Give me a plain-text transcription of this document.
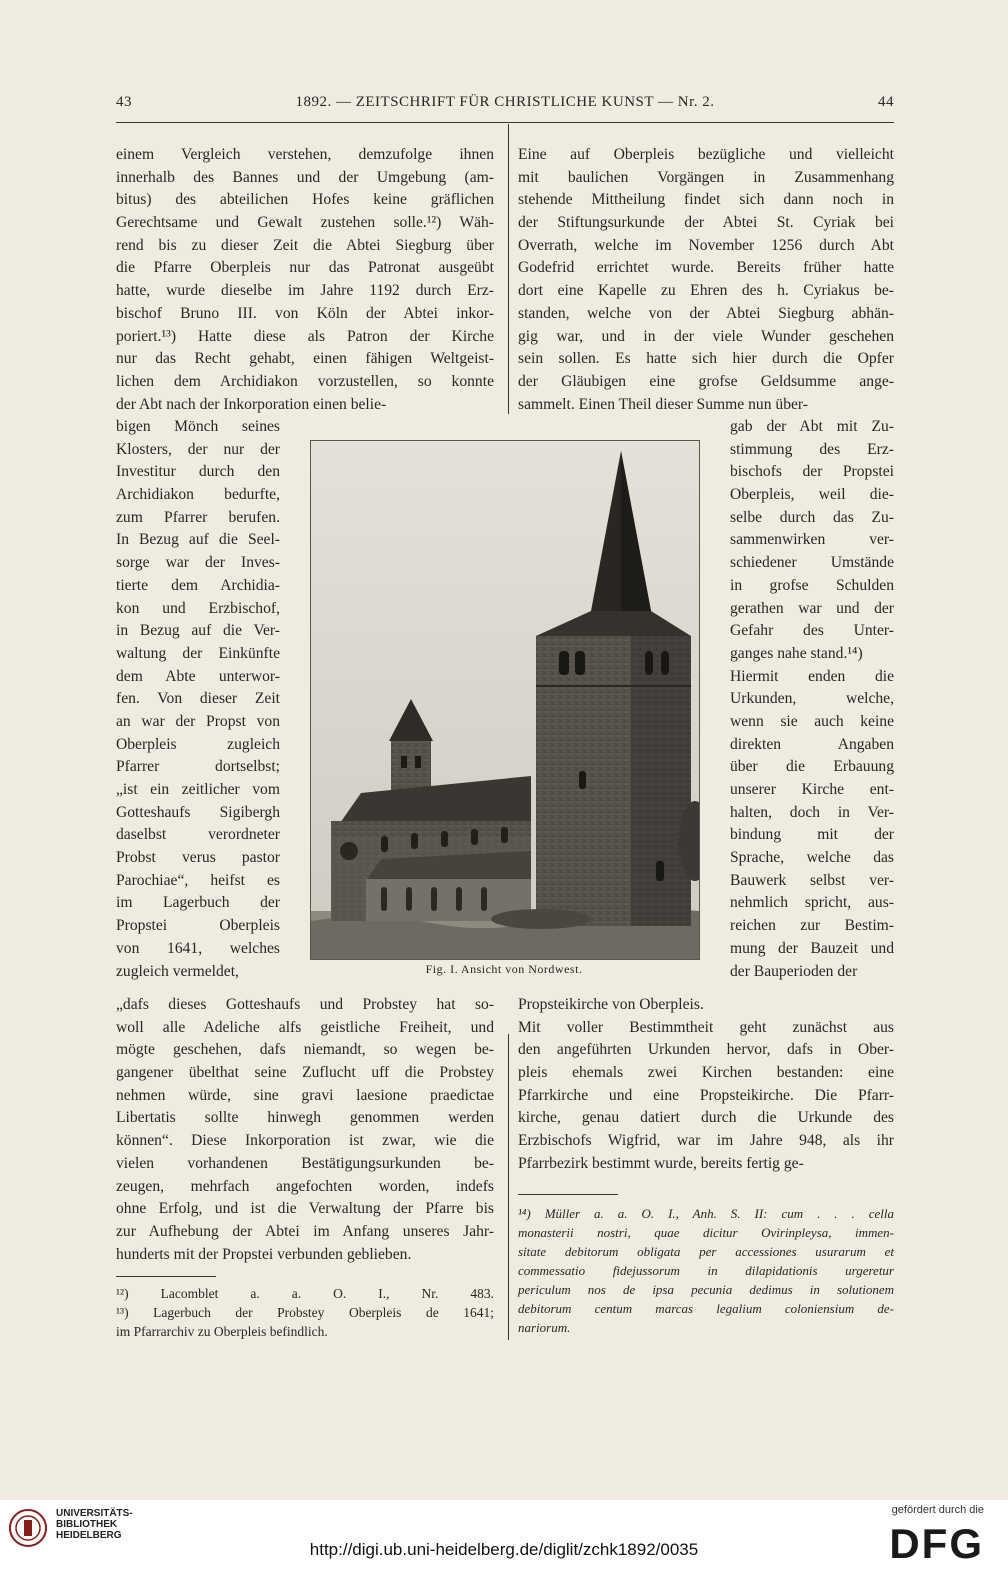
43	1892. — ZEITSCHRIFT FÜR CHRISTLICHE KUNST — Nr. 2.	44
einem Vergleich verstehen, demzufolge ihnen
innerhalb des Bannes und der Umgebung (am-
bitus) des abteilichen Hofes keine gräflichen
Gerechtsame und Gewalt zustehen solle.¹²) Wäh-
rend bis zu dieser Zeit die Abtei Siegburg über
die Pfarre Oberpleis nur das Patronat ausgeübt
hatte, wurde dieselbe im Jahre 1192 durch Erz-
bischof Bruno III. von Köln der Abtei inkor-
poriert.¹³) Hatte diese als Patron der Kirche
nur das Recht gehabt, einen fähigen Weltgeist-
lichen dem Archidiakon vorzustellen, so konnte
der Abt nach der Inkorporation einen belie-
bigen Mönch seines
Klosters, der nur der
Investitur durch den
Archidiakon bedurfte,
zum Pfarrer berufen.
In Bezug auf die Seel-
sorge war der Inves-
tierte dem Archidia-
kon und Erzbischof,
in Bezug auf die Ver-
waltung der Einkünfte
dem Abte unterwor-
fen. Von dieser Zeit
an war der Propst von
Oberpleis zugleich
Pfarrer dortselbst;
„ist ein zeitlicher vom
Gotteshaufs Sigibergh
daselbst verordneter
Probst verus pastor
Parochiae“, heifst es
im Lagerbuch der
Propstei Oberpleis
von 1641, welches
zugleich vermeldet,
Eine auf Oberpleis bezügliche und vielleicht
mit baulichen Vorgängen in Zusammenhang
stehende Mittheilung findet sich dann noch in
der Stiftungsurkunde der Abtei St. Cyriak bei
Overrath, welche im November 1256 durch Abt
Godefrid errichtet wurde. Bereits früher hatte
dort eine Kapelle zu Ehren des h. Cyriakus be-
standen, welche von der Abtei Siegburg abhän-
gig war, und in der viele Wunder geschehen
sein sollen. Es hatte sich hier durch die Opfer
der Gläubigen eine grofse Geldsumme ange-
sammelt. Einen Theil dieser Summe nun über-
gab der Abt mit Zu-
stimmung des Erz-
bischofs der Propstei
Oberpleis, weil die-
selbe durch das Zu-
sammenwirken ver-
schiedener Umstände
in grofse Schulden
gerathen war und der
Gefahr des Unter-
ganges nahe stand.¹⁴)
Hiermit enden die
Urkunden, welche,
wenn sie auch keine
direkten Angaben
über die Erbauung
unserer Kirche ent-
halten, doch in Ver-
bindung mit der
Sprache, welche das
Bauwerk selbst ver-
nehmlich spricht, aus-
reichen zur Bestim-
mung der Bauzeit und
der Bauperioden der
Fig. I. Ansicht von Nordwest.
„dafs dieses Gotteshaufs und Probstey hat so-
woll alle Adeliche alfs geistliche Freiheit, und
mögte geschehen, dafs niemandt, so wegen be-
gangener übelthat seine Zuflucht uff die Probstey
nehmen würde, sine gravi laesione praedictae
Libertatis sollte hinwegh genommen werden
können“. Diese Inkorporation ist zwar, wie die
vielen vorhandenen Bestätigungsurkunden be-
zeugen, mehrfach angefochten worden, indefs
ohne Erfolg, und ist die Verwaltung der Pfarre bis
zur Aufhebung der Abtei im Anfang unseres Jahr-
hunderts mit der Propstei verbunden geblieben.
Propsteikirche von Oberpleis.
Mit voller Bestimmtheit geht zunächst aus
den angeführten Urkunden hervor, dafs in Ober-
pleis ehemals zwei Kirchen bestanden: eine
Pfarrkirche und eine Propsteikirche. Die Pfarr-
kirche, genau datiert durch die Urkunde des
Erzbischofs Wigfrid, war im Jahre 948, als ihr
Pfarrbezirk bestimmt wurde, bereits fertig ge-
¹²) Lacomblet a. a. O. I., Nr. 483.
¹³) Lagerbuch der Probstey Oberpleis de 1641;
im Pfarrarchiv zu Oberpleis befindlich.
¹⁴) Müller a. a. O. I., Anh. S. II: cum . . . cella
monasterii nostri, quae dicitur Ovirinpleysa, immen-
sitate debitorum obligata per accessiones usurarum et
commessatio fidejussorum in dilapidationis urgeretur
periculum nos de ipsa pecunia dedimus in solutionem
debitorum centum marcas legalium coloniensium de-
nariorum.
UNIVERSITÄTS-
BIBLIOTHEK
HEIDELBERG
http://digi.ub.uni-heidelberg.de/diglit/zchk1892/0035
gefördert durch die
DFG
